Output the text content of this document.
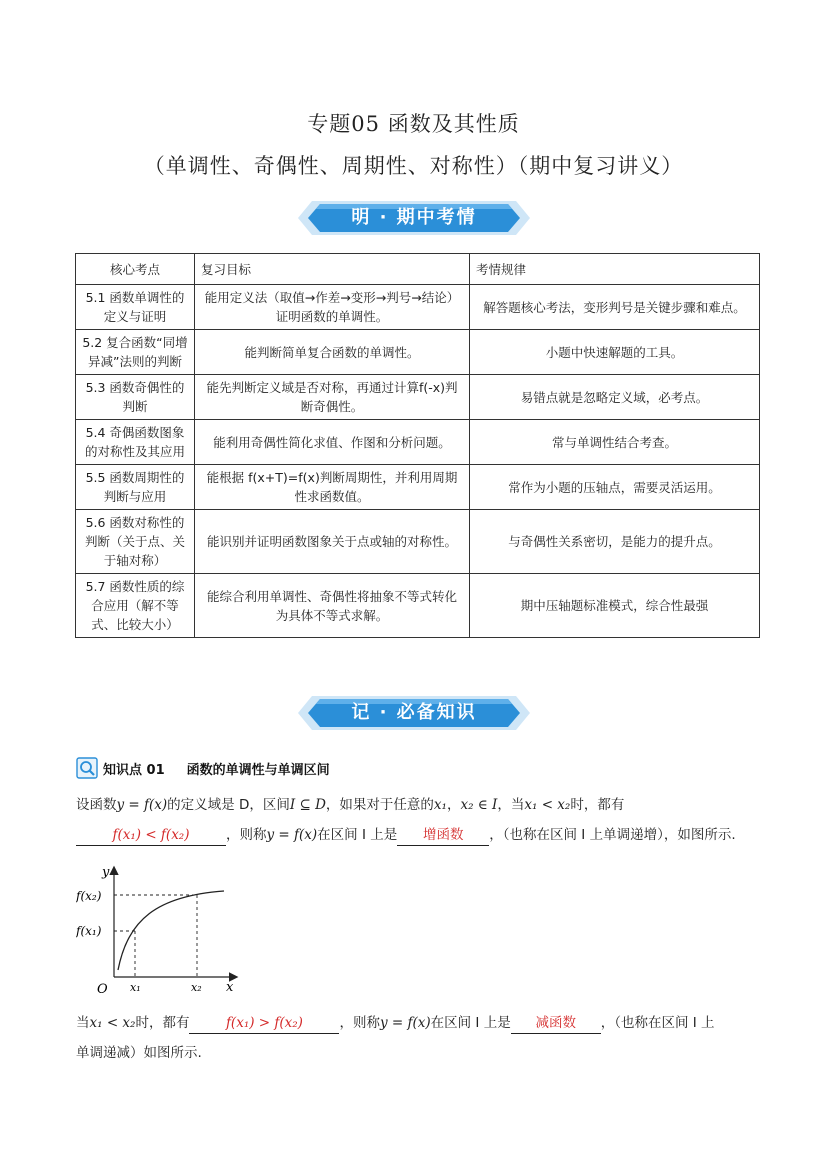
专题05 函数及其性质
（单调性、奇偶性、周期性、对称性）（期中复习讲义）
明 · 期中考情
核心考点	复习目标	考情规律
5.1 函数单调性的定义与证明	能用定义法（取值→作差→变形→判号→结论）证明函数的单调性。	解答题核心考法，变形判号是关键步骤和难点。
5.2 复合函数“同增异减”法则的判断	能判断简单复合函数的单调性。	小题中快速解题的工具。
5.3 函数奇偶性的判断	能先判断定义域是否对称，再通过计算f(-x)判断奇偶性。	易错点就是忽略定义域，必考点。
5.4 奇偶函数图象的对称性及其应用	能利用奇偶性简化求值、作图和分析问题。	常与单调性结合考查。
5.5 函数周期性的判断与应用	能根据 f(x+T)=f(x)判断周期性，并利用周期性求函数值。	常作为小题的压轴点，需要灵活运用。
5.6 函数对称性的判断（关于点、关于轴对称）	能识别并证明函数图象关于点或轴的对称性。	与奇偶性关系密切，是能力的提升点。
5.7 函数性质的综合应用（解不等式、比较大小）	能综合利用单调性、奇偶性将抽象不等式转化为具体不等式求解。	期中压轴题标准模式，综合性最强
记 · 必备知识
知识点 01 函数的单调性与单调区间
设函数y = f(x)的定义域是 D，区间I ⊆ D，如果对于任意的x₁，x₂ ∈ I，当x₁ < x₂时，都有f(x₁) < f(x₂)	，则称y = f(x)在区间 I 上是 增函数 ，（也称在区间 I 上单调递增），如图所示.
y
x
O
f(x₂)
f(x₁)
x₁	x₂
当x₁ < x₂时，都有	f(x₁) > f(x₂)	，则称y = f(x)在区间 I 上是 减函数 ，（也称在区间 I 上
单调递减）如图所示.
